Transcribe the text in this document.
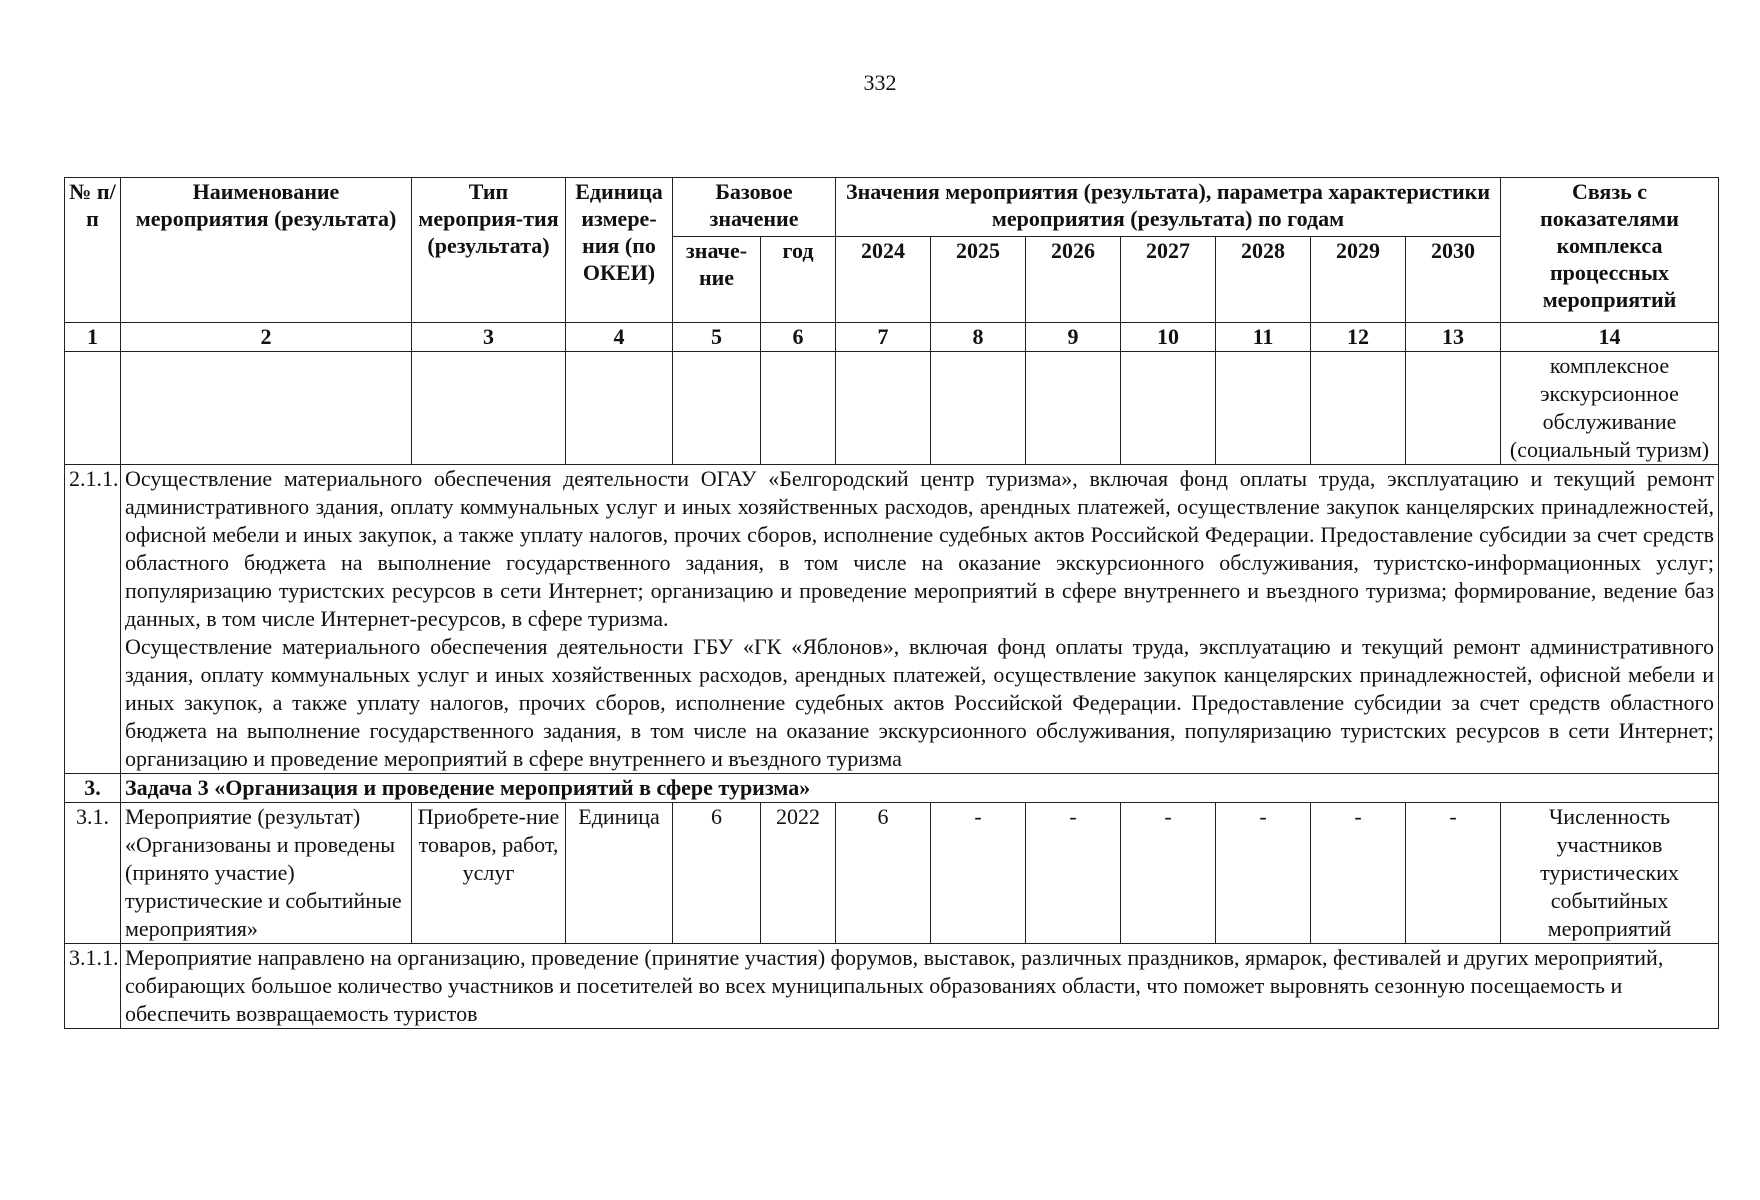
332
№ п/п	Наименование мероприятия (результата)	Тип мероприя-тия (результата)	Единица измере-ния (по ОКЕИ)	Базовое значение		Значения мероприятия (результата), параметра характеристики мероприятия (результата) по годам							Связь с показателями комплекса процессных мероприятий
				значе-ние	год	2024	2025	2026	2027	2028	2029	2030	
1	2	3	4	5	6	7	8	9	10	11	12	13	14
													комплексное экскурсионное обслуживание (социальный туризм)
2.1.1.	Осуществление материального обеспечения деятельности ОГАУ «Белгородский центр туризма», включая фонд оплаты труда, эксплуатацию и текущий ремонт административного здания, оплату коммунальных услуг и иных хозяйственных расходов, арендных платежей, осуществление закупок канцелярских принадлежностей, офисной мебели и иных закупок, а также уплату налогов, прочих сборов, исполнение судебных актов Российской Федерации. Предоставление субсидии за счет средств областного бюджета на выполнение государственного задания, в том числе на оказание экскурсионного обслуживания, туристско-информационных услуг; популяризацию туристских ресурсов в сети Интернет; организацию и проведение мероприятий в сфере внутреннего и въездного туризма; формирование, ведение баз данных, в том числе Интернет-ресурсов, в сфере туризма.
Осуществление материального обеспечения деятельности ГБУ «ГК «Яблонов», включая фонд оплаты труда, эксплуатацию и текущий ремонт административного здания, оплату коммунальных услуг и иных хозяйственных расходов, арендных платежей, осуществление закупок канцелярских принадлежностей, офисной мебели и иных закупок, а также уплату налогов, прочих сборов, исполнение судебных актов Российской Федерации. Предоставление субсидии за счет средств областного бюджета на выполнение государственного задания, в том числе на оказание экскурсионного обслуживания, популяризацию туристских ресурсов в сети Интернет; организацию и проведение мероприятий в сфере внутреннего и въездного туризма												

3.	Задача 3 «Организация и проведение мероприятий в сфере туризма»												
3.1.	Мероприятие (результат) «Организованы и проведены (принято участие) туристические и событийные мероприятия»	Приобрете-ние товаров, работ, услуг	Единица	6	2022	6	-	-	-	-	-	-	Численность участников туристических событийных мероприятий
3.1.1.	Мероприятие направлено на организацию, проведение (принятие участия) форумов, выставок, различных праздников, ярмарок, фестивалей и других мероприятий, собирающих большое количество участников и посетителей во всех муниципальных образованиях области, что поможет выровнять сезонную посещаемость и обеспечить возвращаемость туристов												
